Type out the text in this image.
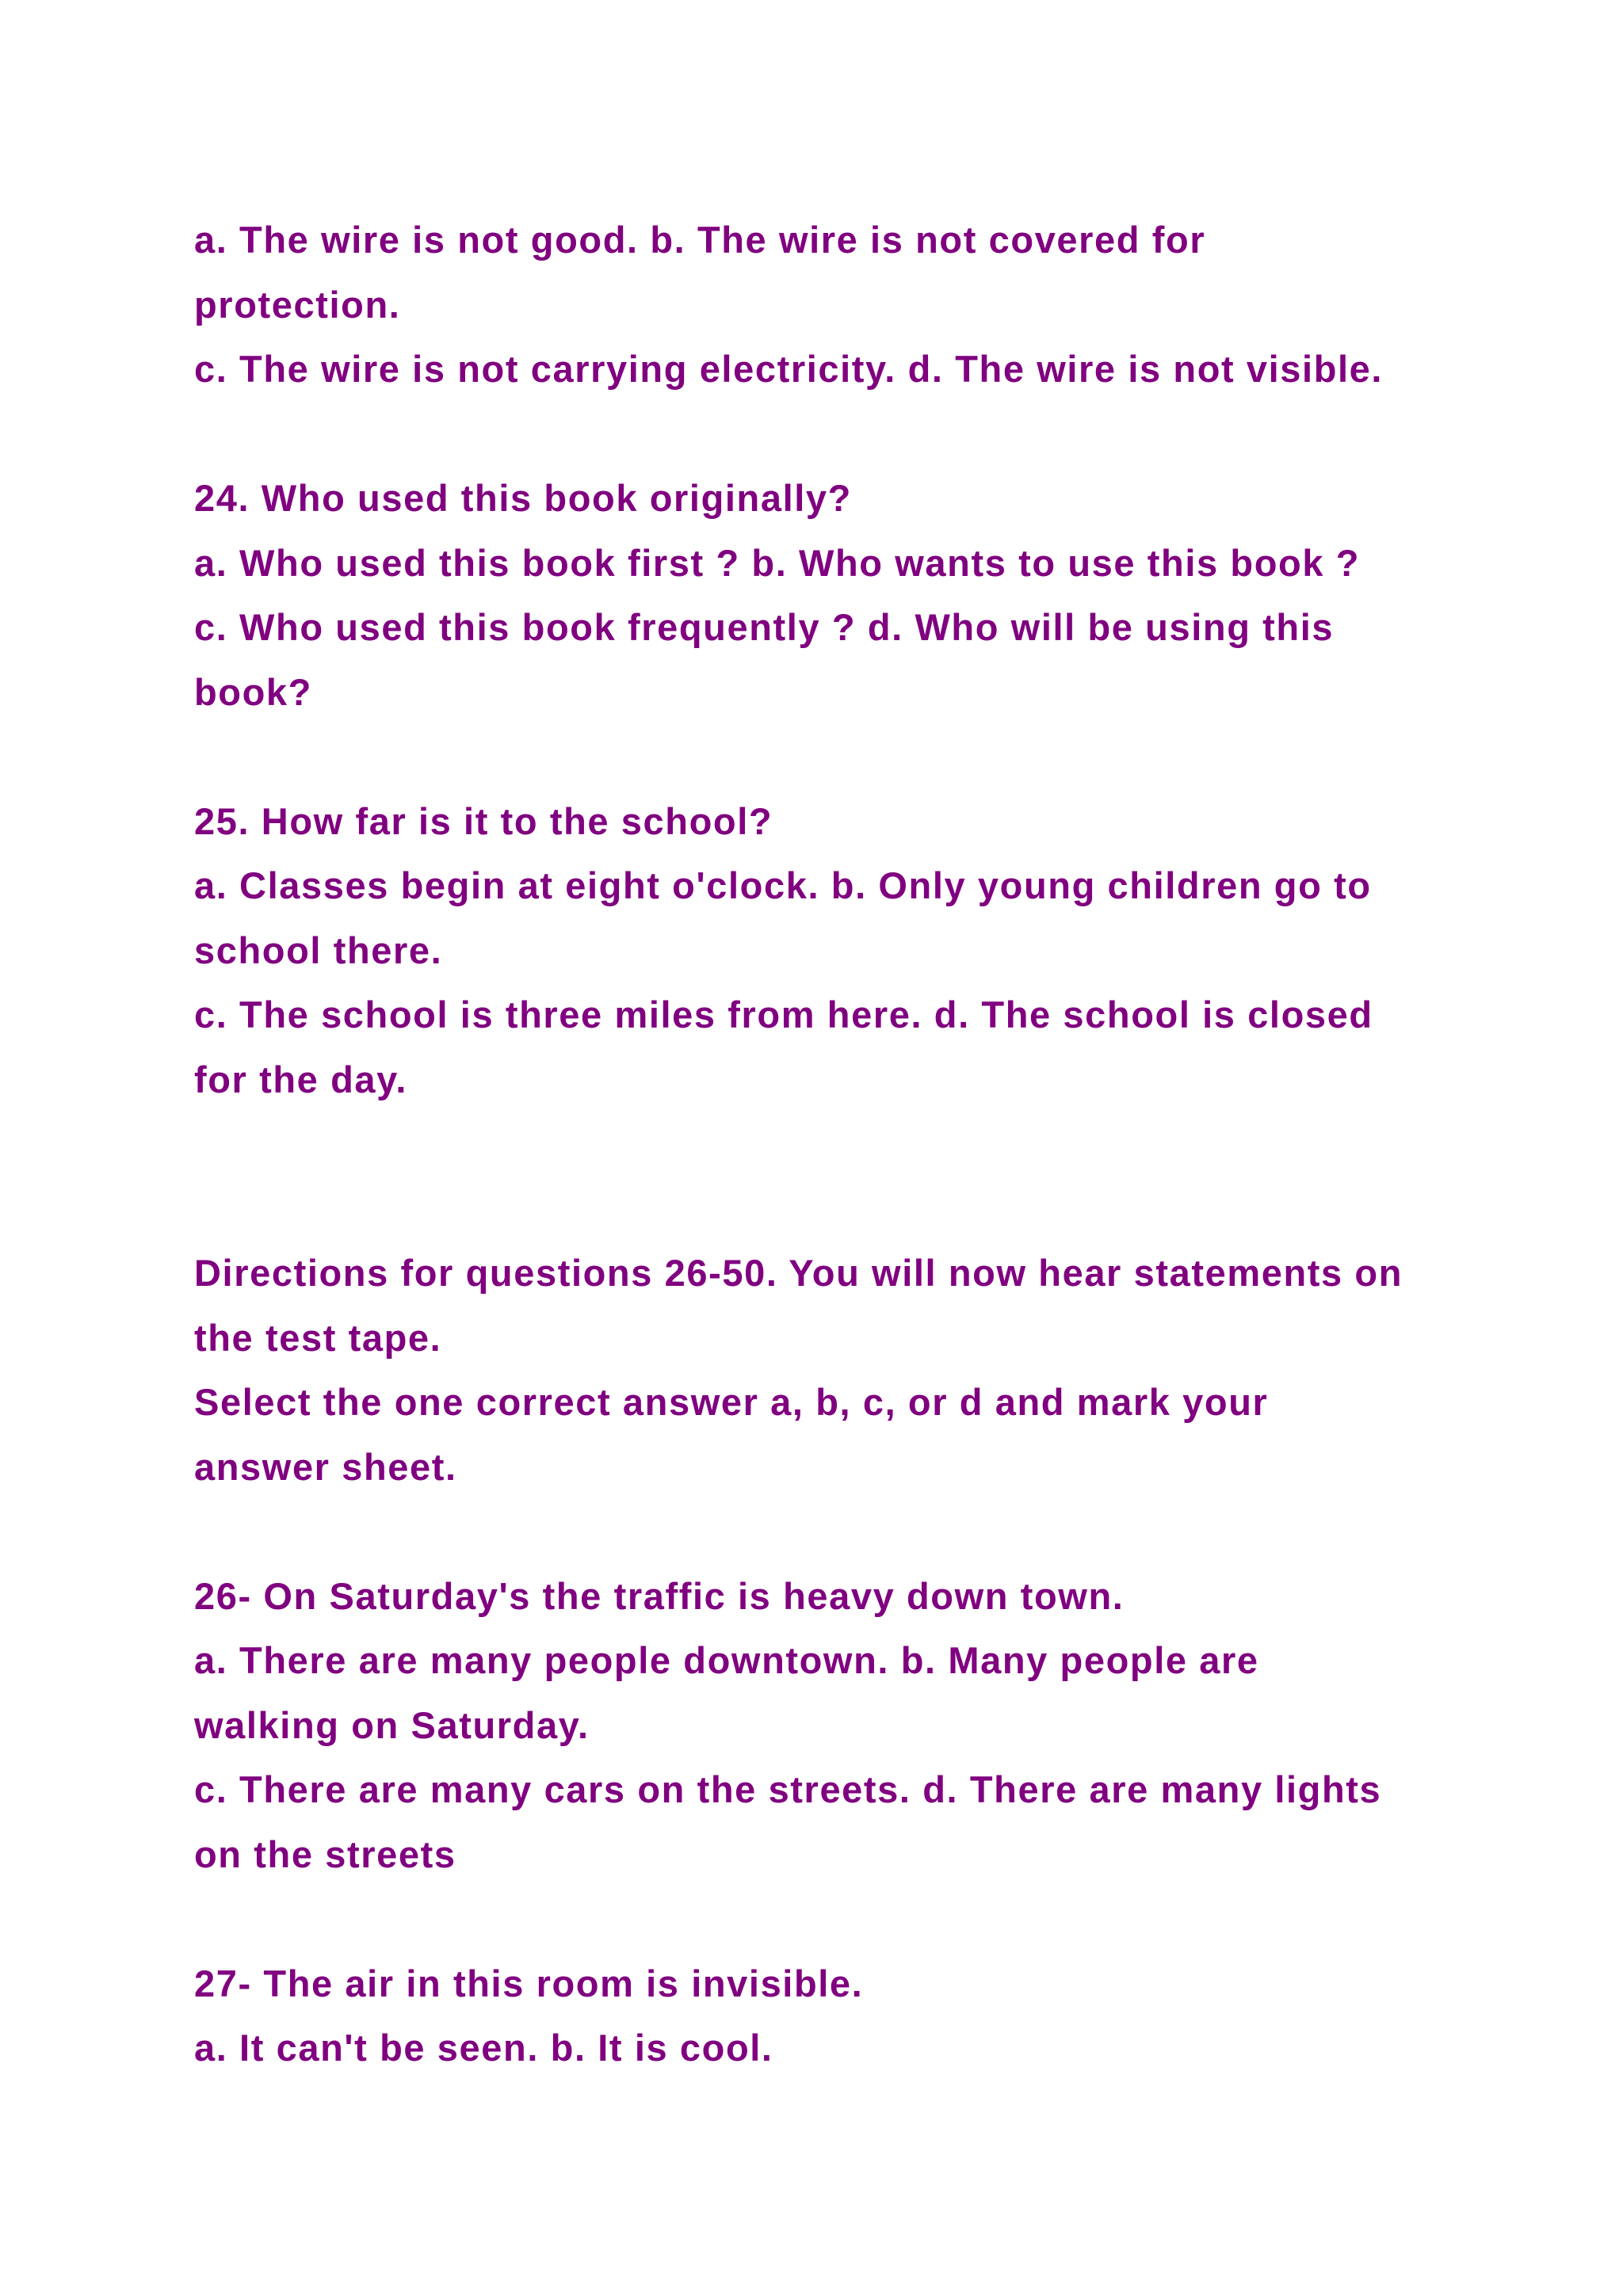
a. The wire is not good. b. The wire is not covered for
protection.
c. The wire is not carrying electricity. d. The wire is not visible.
24. Who used this book originally?
a. Who used this book first ? b. Who wants to use this book ?
c. Who used this book frequently ? d. Who will be using this
book?
25. How far is it to the school?
a. Classes begin at eight o'clock. b. Only young children go to
school there.
c. The school is three miles from here. d. The school is closed
for the day.
Directions for questions 26-50. You will now hear statements on
the test tape.
Select the one correct answer a, b, c, or d and mark your
answer sheet.
26- On Saturday's the traffic is heavy down town.
a. There are many people downtown. b. Many people are
walking on Saturday.
c. There are many cars on the streets. d. There are many lights
on the streets
27- The air in this room is invisible.
a. It can't be seen. b. It is cool.
